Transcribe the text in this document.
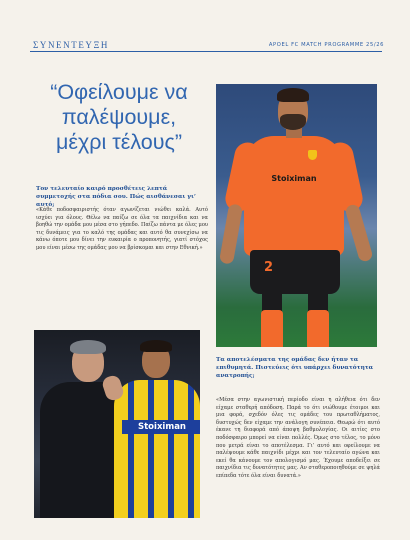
ΣΥΝΕΝΤΕΥΞΗ	APOEL FC MATCH PROGRAMME 25/26
“Οφείλουμε να
παλέψουμε,
μέχρι τέλους”
Τον τελευταίο καιρό προσθέτεις λεπτά συμμετοχής στα πόδια σου. Πώς αισθάνεσαι γι’ αυτό;
«Κάθε ποδοσφαιριστής όταν αγωνίζεται νιώθει καλά. Αυτό ισχύει για όλους. Θέλω να παίζω σε όλα τα παιχνίδια και να βοηθώ την ομάδα μου μέσα στο γήπεδο. Παίζω πάντα με όλες μου τις δυνάμεις για το καλό της ομάδας και αυτό θα συνεχίσω να κάνω όποτε μου δίνει την ευκαιρία ο προπονητής, γιατί στόχος μου είναι μέσω της ομάδας μου να βρίσκομαι και στην Εθνική.»
Stoiximan
2
Stoiximan
Τα αποτελέσματα της ομάδας δεν ήταν τα επιθυμητά. Πιστεύεις ότι υπάρχει δυνατότητα ανατροπής;
«Μέσα στην αγωνιστική περίοδο είναι η αλήθεια ότι δεν είχαμε σταθερή απόδοση. Παρά το ότι νιώθουμε έτοιμοι και μια φορά, σχεδόν όλες τις ομάδες του πρωταθλήματος, δυστυχώς δεν είχαμε την ανάλογη συνέπεια. Θεωρώ ότι αυτό έκανε τη διαφορά από άποψη βαθμολογίας. Οι αιτίες στο ποδόσφαιρο μπορεί να είναι πολλές. Όμως στο τέλος, το μόνο που μετρά είναι το αποτέλεσμα. Γι’ αυτό και οφείλουμε να παλέψουμε κάθε παιχνίδι μέχρι και τον τελευταίο αγώνα και εκεί θα κάνουμε τον απολογισμό μας. Έχουμε αποδείξει σε παιχνίδια τις δυνατότητες μας. Αν σταθεροποιηθούμε σε ψηλά επίπεδα τότε όλα είναι δυνατά.»
